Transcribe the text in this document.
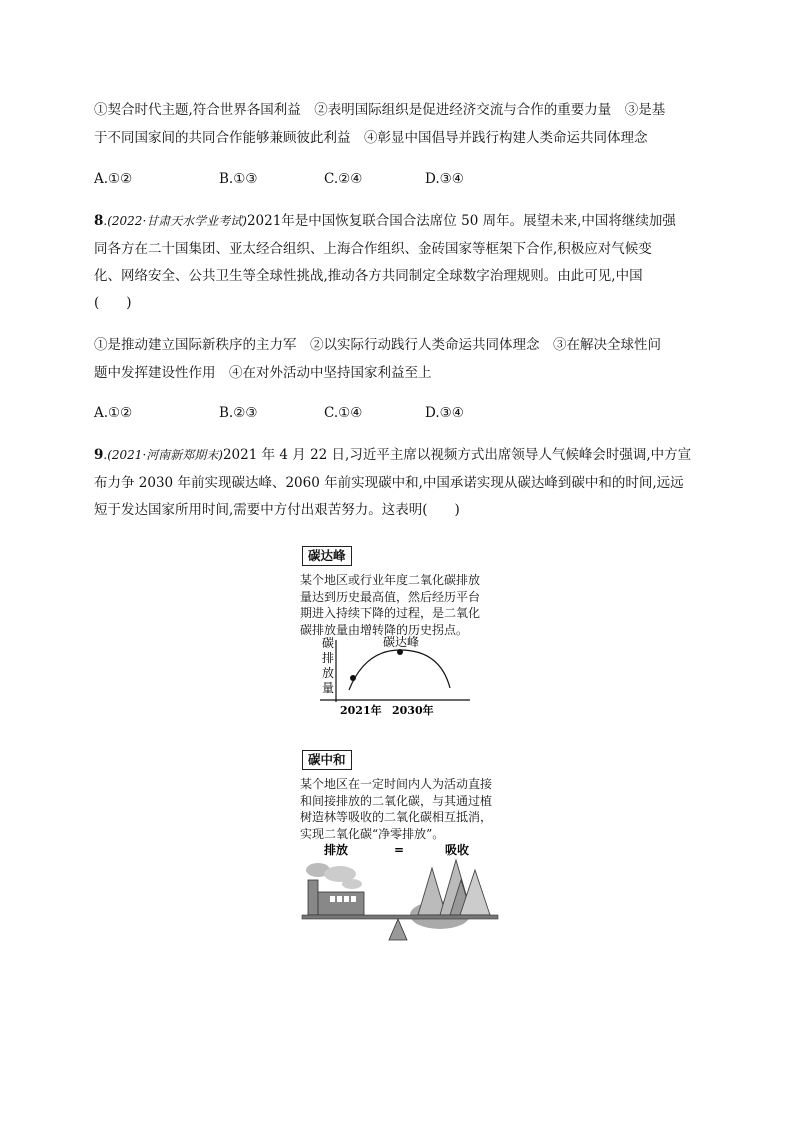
①契合时代主题,符合世界各国利益　②表明国际组织是促进经济交流与合作的重要力量　③是基
于不同国家间的共同合作能够兼顾彼此利益　④彰显中国倡导并践行构建人类命运共同体理念
A.①②	B.①③	C.②④	D.③④
8.(2022·甘肃天水学业考试)2021年是中国恢复联合国合法席位 50 周年。展望未来,中国将继续加强
同各方在二十国集团、亚太经合组织、上海合作组织、金砖国家等框架下合作,积极应对气候变
化、网络安全、公共卫生等全球性挑战,推动各方共同制定全球数字治理规则。由此可见,中国
(　　)
①是推动建立国际新秩序的主力军　②以实际行动践行人类命运共同体理念　③在解决全球性问
题中发挥建设性作用　④在对外活动中坚持国家利益至上
A.①②	B.②③	C.①④	D.③④
9.(2021·河南新郑期末)2021 年 4 月 22 日,习近平主席以视频方式出席领导人气候峰会时强调,中方宣
布力争 2030 年前实现碳达峰、2060 年前实现碳中和,中国承诺实现从碳达峰到碳中和的时间,远远
短于发达国家所用时间,需要中方付出艰苦努力。这表明(　　)
碳达峰
某个地区或行业年度二氧化碳排放
量达到历史最高值，然后经历平台
期进入持续下降的过程，是二氧化
碳排放量由增转降的历史拐点。
碳
排
放
量
碳达峰
2021年 2030年
碳中和
某个地区在一定时间内人为活动直接
和间接排放的二氧化碳，与其通过植
树造林等吸收的二氧化碳相互抵消，
实现二氧化碳“净零排放”。
排放	=	吸收
